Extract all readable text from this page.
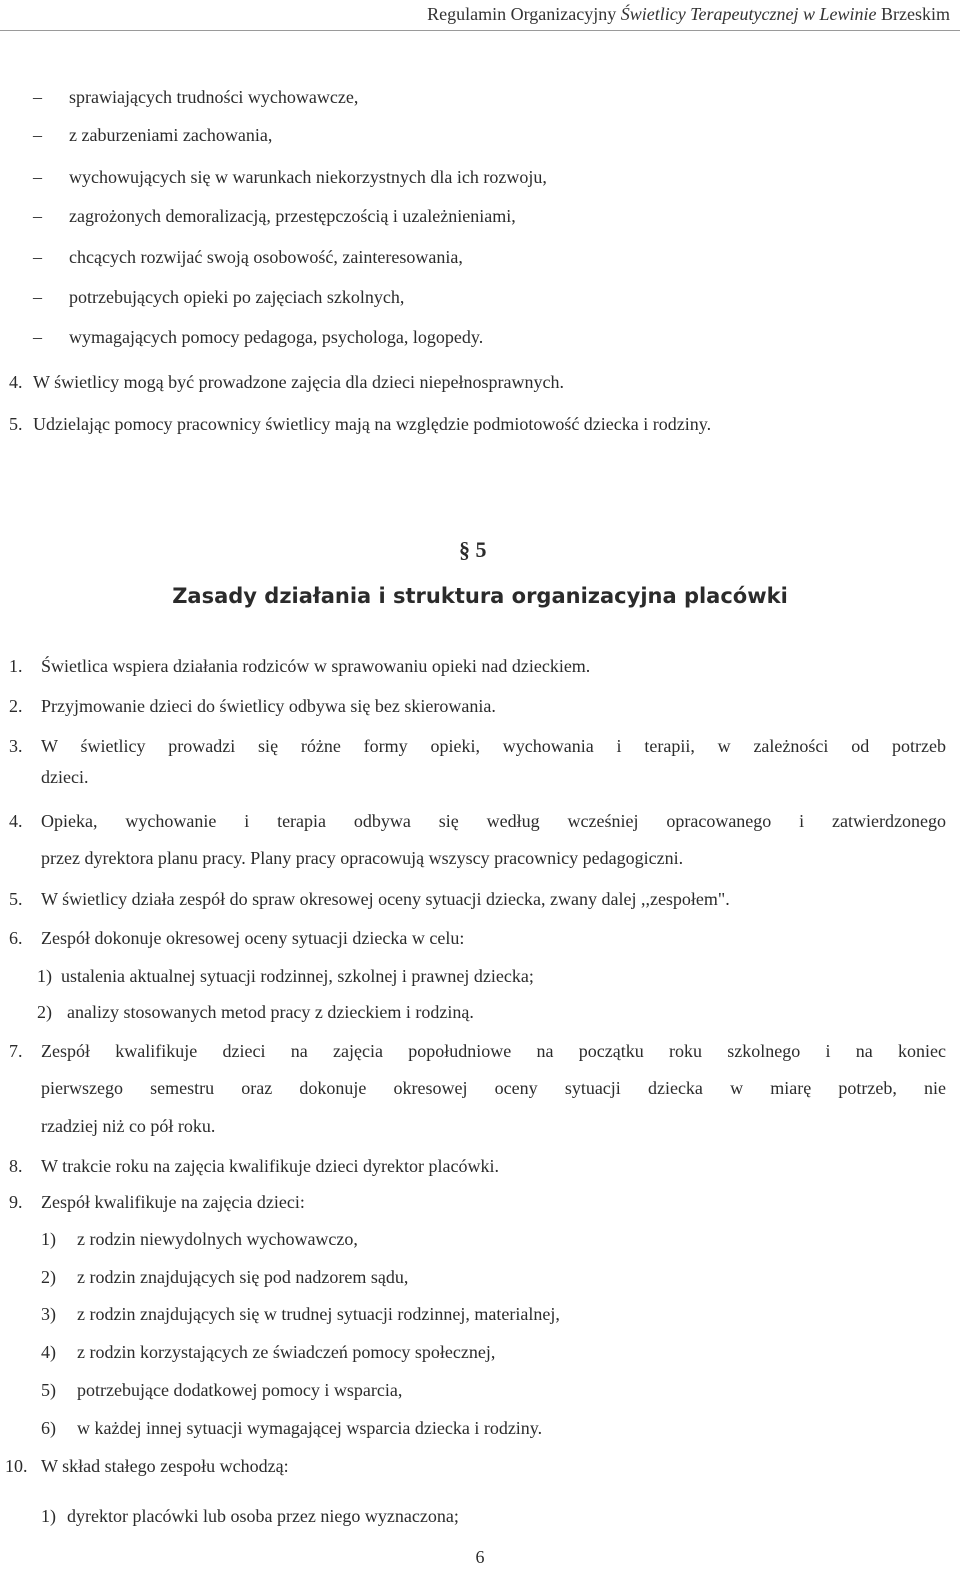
Regulamin Organizacyjny Świetlicy Terapeutycznej w Lewinie Brzeskim
– sprawiających trudności wychowawcze,
– z zaburzeniami zachowania,
– wychowujących się w warunkach niekorzystnych dla ich rozwoju,
– zagrożonych demoralizacją, przestępczością i uzależnieniami,
– chcących rozwijać swoją osobowość, zainteresowania,
– potrzebujących opieki po zajęciach szkolnych,
– wymagających pomocy pedagoga, psychologa, logopedy.
4. W świetlicy mogą być prowadzone zajęcia dla dzieci niepełnosprawnych.
5. Udzielając pomocy pracownicy świetlicy mają na względzie podmiotowość dziecka i rodziny.
§ 5
Zasady działania i struktura organizacyjna placówki
1. Świetlica wspiera działania rodziców w sprawowaniu opieki nad dzieckiem.
2. Przyjmowanie dzieci do świetlicy odbywa się bez skierowania.
3. W świetlicy prowadzi się różne formy opieki, wychowania i terapii, w zależności od potrzeb
dzieci.
4. Opieka, wychowanie i terapia odbywa się według wcześniej opracowanego i zatwierdzonego
przez dyrektora planu pracy. Plany pracy opracowują wszyscy pracownicy pedagogiczni.
5. W świetlicy działa zespół do spraw okresowej oceny sytuacji dziecka, zwany dalej ,,zespołem".
6. Zespół dokonuje okresowej oceny sytuacji dziecka w celu:
1) ustalenia aktualnej sytuacji rodzinnej, szkolnej i prawnej dziecka;
2) analizy stosowanych metod pracy z dzieckiem i rodziną.
7. Zespół kwalifikuje dzieci na zajęcia popołudniowe na początku roku szkolnego i na koniec
pierwszego semestru oraz dokonuje okresowej oceny sytuacji dziecka w miarę potrzeb, nie
rzadziej niż co pół roku.
8. W trakcie roku na zajęcia kwalifikuje dzieci dyrektor placówki.
9. Zespół kwalifikuje na zajęcia dzieci:
1) z rodzin niewydolnych wychowawczo,
2) z rodzin znajdujących się pod nadzorem sądu,
3) z rodzin znajdujących się w trudnej sytuacji rodzinnej, materialnej,
4) z rodzin korzystających ze świadczeń pomocy społecznej,
5) potrzebujące dodatkowej pomocy i wsparcia,
6) w każdej innej sytuacji wymagającej wsparcia dziecka i rodziny.
10. W skład stałego zespołu wchodzą:
1) dyrektor placówki lub osoba przez niego wyznaczona;
6
